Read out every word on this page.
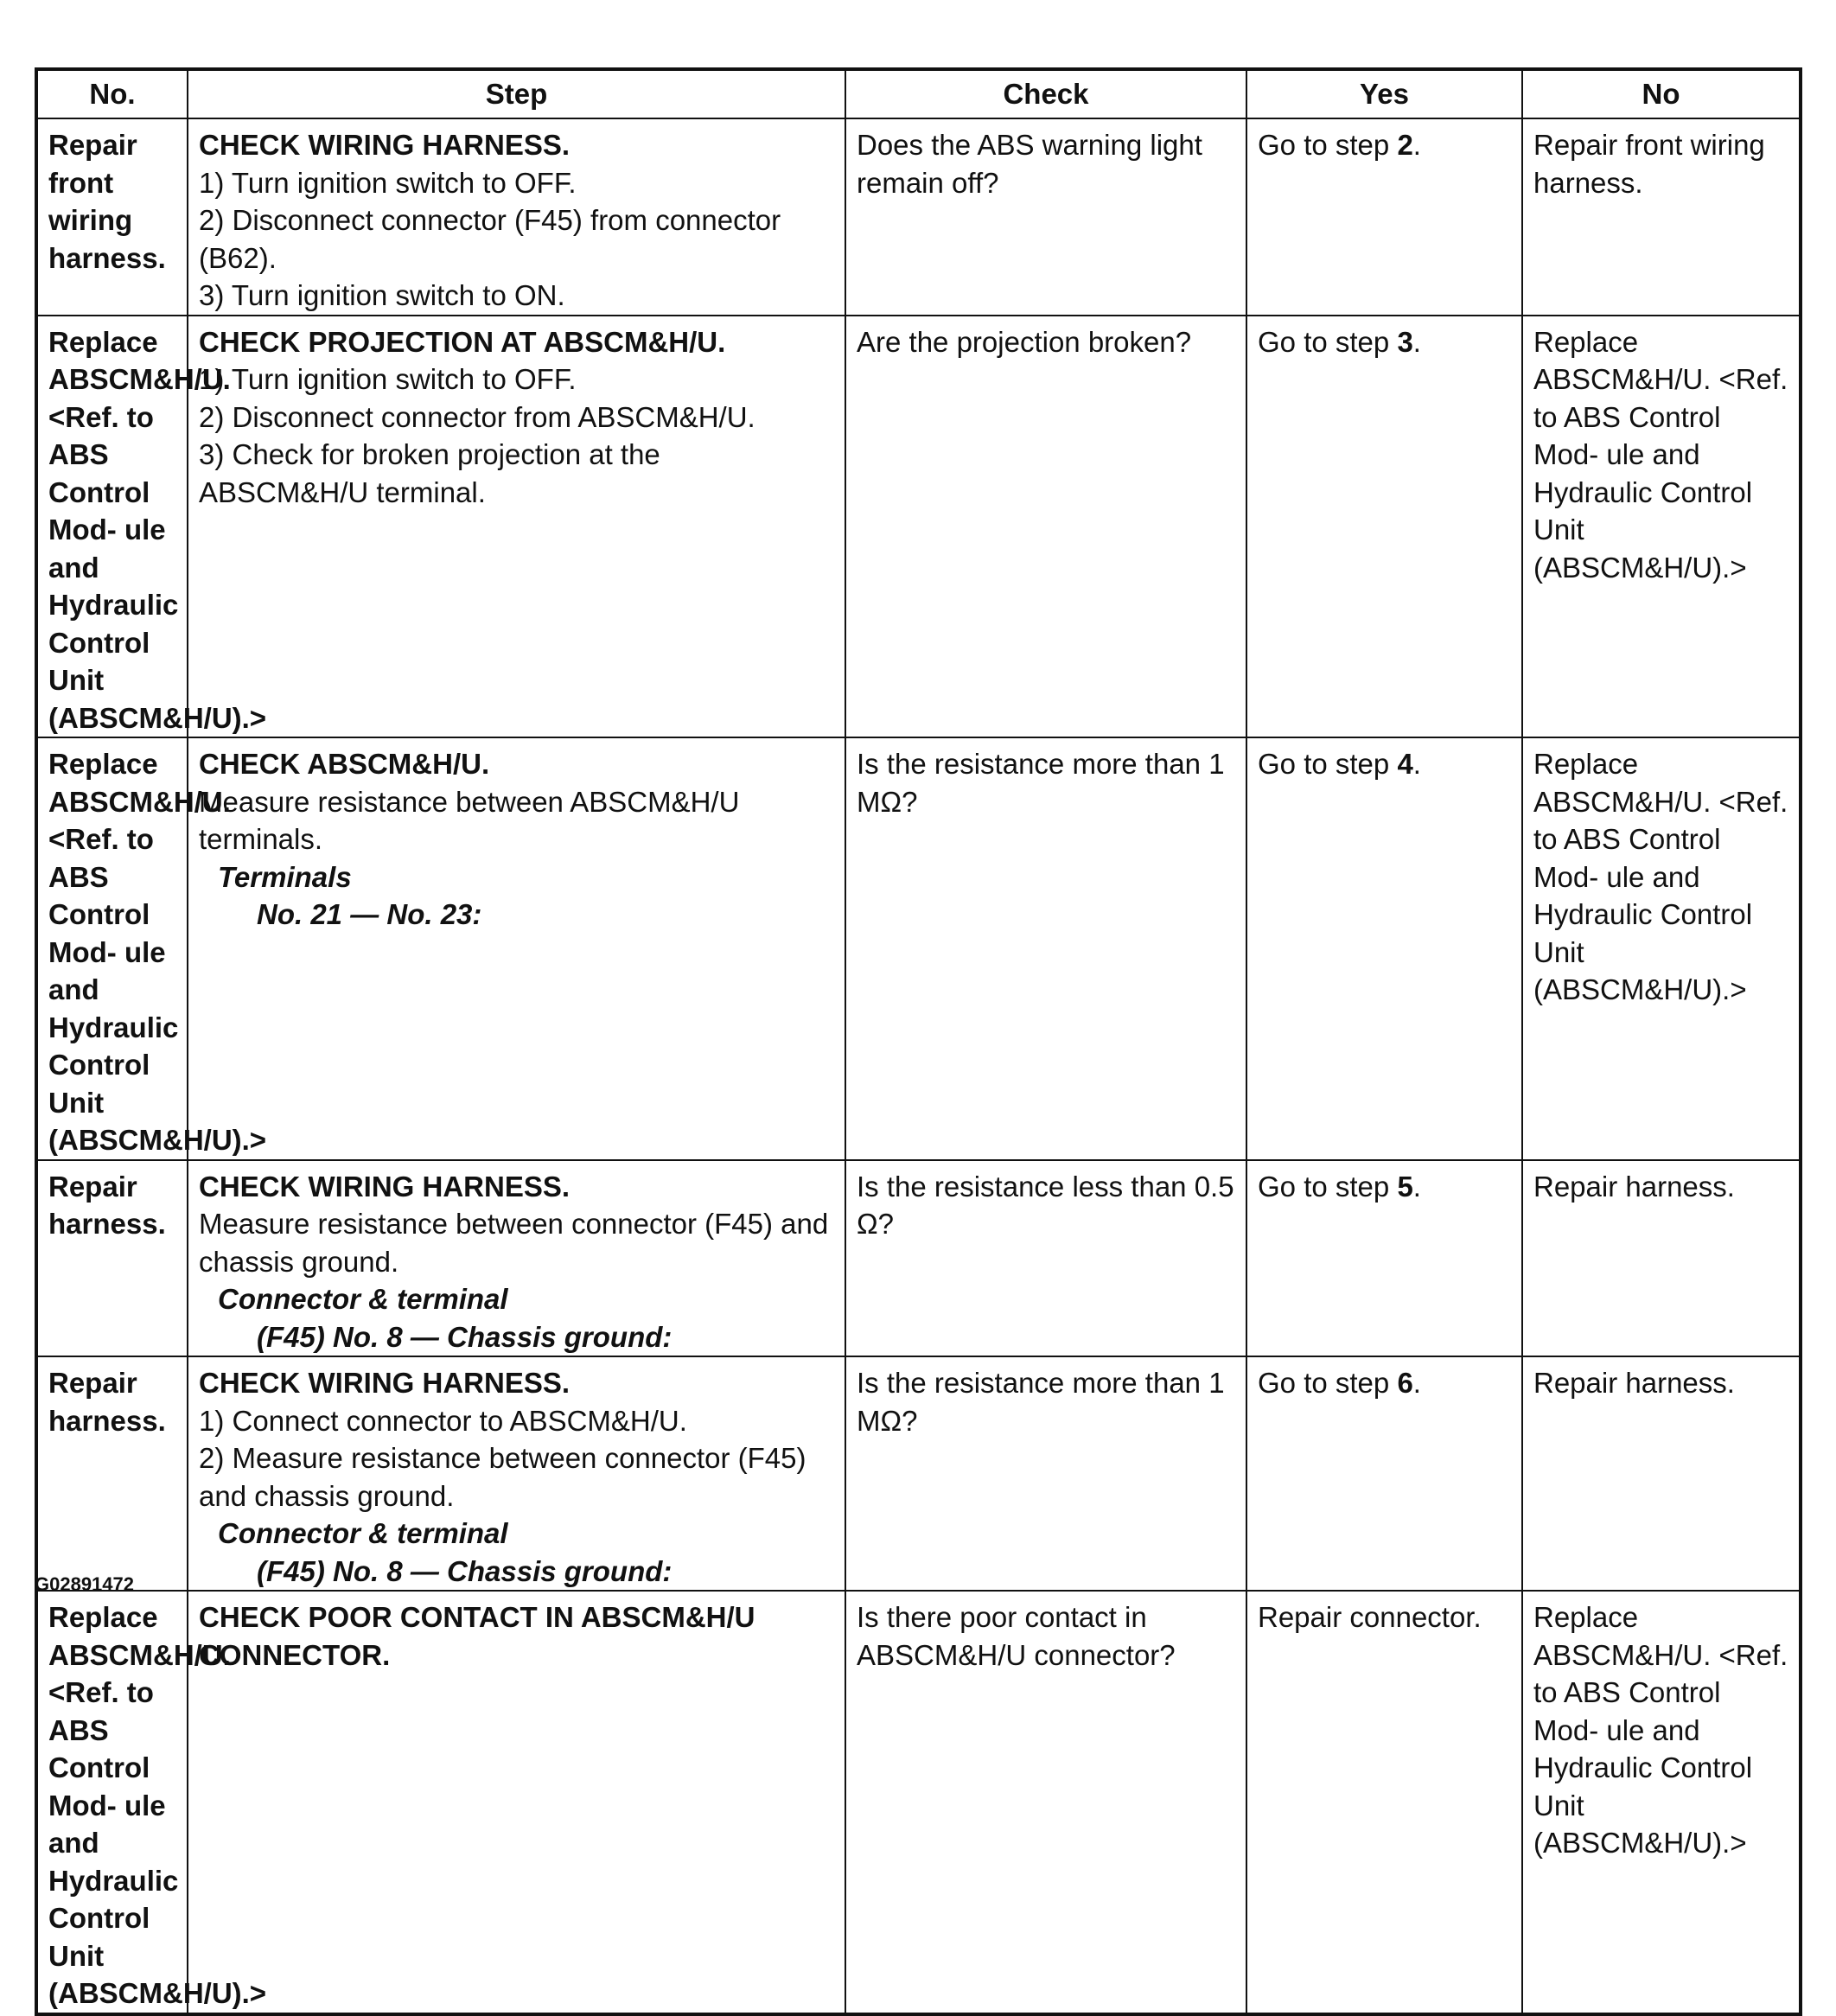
No.	Step	Check	Yes	No
Repair front wiring harness.	CHECK WIRING HARNESS.
1) Turn ignition switch to OFF.
2) Disconnect connector (F45) from connector (B62).
3) Turn ignition switch to ON.	Does the ABS warning light remain off?	Go to step 2.	Repair front wiring harness.
Replace ABSCM&H/U. <Ref. to ABS Control Mod- ule and Hydraulic Control Unit (ABSCM&H/U).>	CHECK PROJECTION AT ABSCM&H/U.
1) Turn ignition switch to OFF.
2) Disconnect connector from ABSCM&H/U.
3) Check for broken projection at the ABSCM&H/U terminal.	Are the projection broken?	Go to step 3.	Replace ABSCM&H/U. <Ref. to ABS Control Mod- ule and Hydraulic Control Unit (ABSCM&H/U).>
Replace ABSCM&H/U. <Ref. to ABS Control Mod- ule and Hydraulic Control Unit (ABSCM&H/U).>	CHECK ABSCM&H/U.
Measure resistance between ABSCM&H/U terminals.
Terminals
No. 21 — No. 23:	Is the resistance more than 1 MΩ?	Go to step 4.	Replace ABSCM&H/U. <Ref. to ABS Control Mod- ule and Hydraulic Control Unit (ABSCM&H/U).>
Repair harness.	CHECK WIRING HARNESS.
Measure resistance between connector (F45) and chassis ground.
Connector & terminal
(F45) No. 8 — Chassis ground:	Is the resistance less than 0.5 Ω?	Go to step 5.	Repair harness.
Repair harness.	CHECK WIRING HARNESS.
1) Connect connector to ABSCM&H/U.
2) Measure resistance between connector (F45) and chassis ground.
Connector & terminal
(F45) No. 8 — Chassis ground:	Is the resistance more than 1 MΩ?	Go to step 6.	Repair harness.
Replace ABSCM&H/U. <Ref. to ABS Control Mod- ule and Hydraulic Control Unit (ABSCM&H/U).>	CHECK POOR CONTACT IN ABSCM&H/U CONNECTOR.	Is there poor contact in ABSCM&H/U connector?	Repair connector.	Replace ABSCM&H/U. <Ref. to ABS Control Mod- ule and Hydraulic Control Unit (ABSCM&H/U).>
G02891472
